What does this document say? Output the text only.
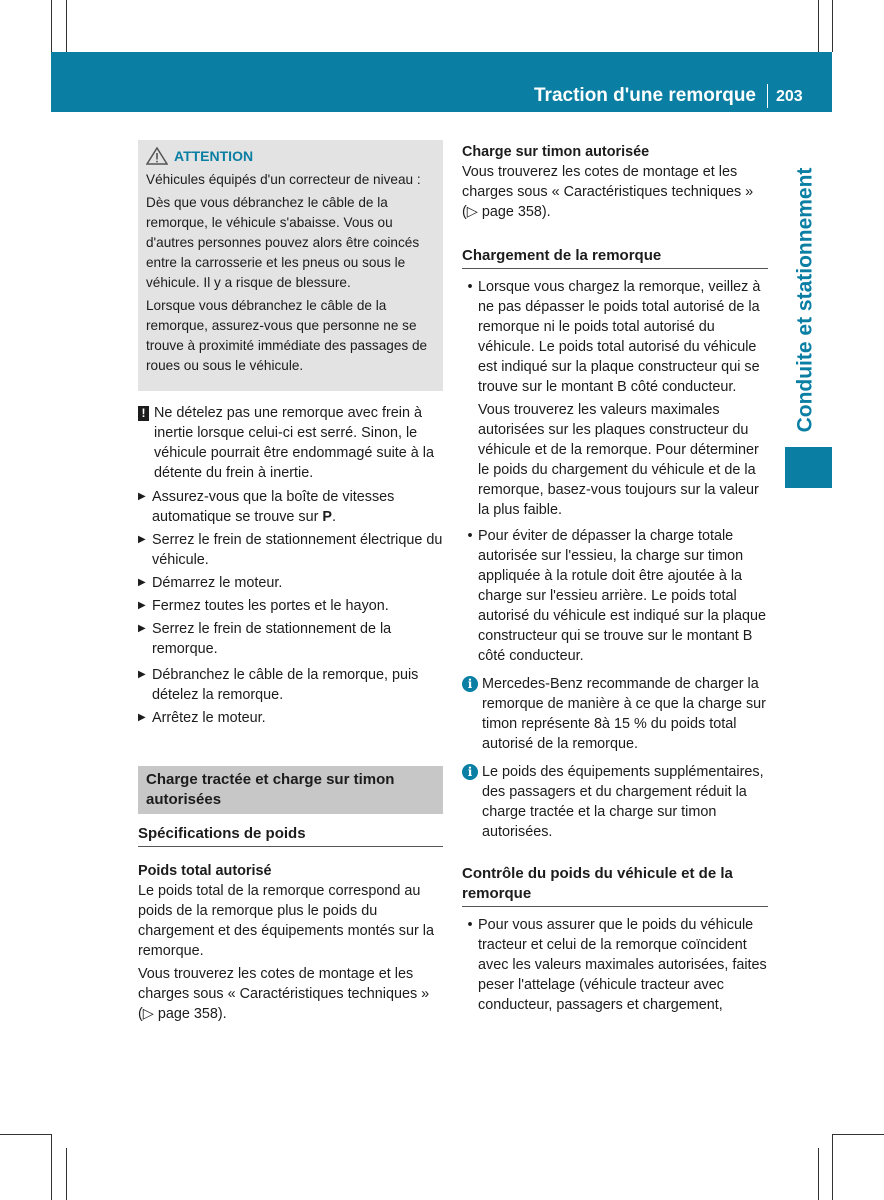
Traction d'une remorque 203
Conduite et stationnement
ATTENTION

Véhicules équipés d'un correcteur de niveau :

Dès que vous débranchez le câble de la remorque, le véhicule s'abaisse. Vous ou d'autres personnes pouvez alors être coincés entre la carrosserie et les pneus ou sous le véhicule. Il y a risque de blessure.

Lorsque vous débranchez le câble de la remorque, assurez-vous que personne ne se trouve à proximité immédiate des passages de roues ou sous le véhicule.

! Ne dételez pas une remorque avec frein à inertie lorsque celui-ci est serré. Sinon, le véhicule pourrait être endommagé suite à la détente du frein à inertie.
▶ Assurez-vous que la boîte de vitesses automatique se trouve sur P.
▶ Serrez le frein de stationnement électrique du véhicule.
▶ Démarrez le moteur.
▶ Fermez toutes les portes et le hayon.
▶ Serrez le frein de stationnement de la remorque.
▶ Débranchez le câble de la remorque, puis dételez la remorque.
▶ Arrêtez le moteur.
Charge tractée et charge sur timon autorisées
Spécifications de poids
Poids total autorisé

Le poids total de la remorque correspond au poids de la remorque plus le poids du chargement et des équipements montés sur la remorque.

Vous trouverez les cotes de montage et les charges sous « Caractéristiques techniques » (▷ page 358).

Charge sur timon autorisée

Vous trouverez les cotes de montage et les charges sous « Caractéristiques techniques » (▷ page 358).

Chargement de la remorque
• Lorsque vous chargez la remorque, veillez à ne pas dépasser le poids total autorisé de la remorque ni le poids total autorisé du véhicule. Le poids total autorisé du véhicule est indiqué sur la plaque constructeur qui se trouve sur le montant B côté conducteur.

Vous trouverez les valeurs maximales autorisées sur les plaques constructeur du véhicule et de la remorque. Pour déterminer le poids du chargement du véhicule et de la remorque, basez-vous toujours sur la valeur la plus faible.

• Pour éviter de dépasser la charge totale autorisée sur l'essieu, la charge sur timon appliquée à la rotule doit être ajoutée à la charge sur l'essieu arrière. Le poids total autorisé du véhicule est indiqué sur la plaque constructeur qui se trouve sur le montant B côté conducteur.
i Mercedes-Benz recommande de charger la remorque de manière à ce que la charge sur timon représente 8à 15 % du poids total autorisé de la remorque.
i Le poids des équipements supplémentaires, des passagers et du chargement réduit la charge tractée et la charge sur timon autorisées.
Contrôle du poids du véhicule et de la remorque
• Pour vous assurer que le poids du véhicule tracteur et celui de la remorque coïncident avec les valeurs maximales autorisées, faites peser l'attelage (véhicule tracteur avec conducteur, passagers et chargement,
